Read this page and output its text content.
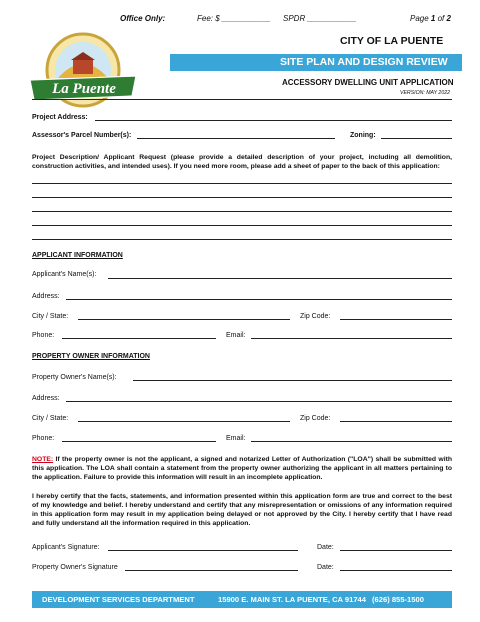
Office Only:	Fee: $ ___________ SPDR ___________	Page 1 of 2
La Puente
CITY OF LA PUENTE
SITE PLAN AND DESIGN REVIEW
ACCESSORY DWELLING UNIT APPLICATION
VERSION: MAY 2022
Project Address:
Assessor's Parcel Number(s):	Zoning:
Project Description/ Applicant Request (please provide a detailed description of your project, including all demolition, construction activities, and intended uses). If you need more room, please add a sheet of paper to the back of this application:
APPLICANT INFORMATION
Applicant's Name(s):
Address:
City / State:	Zip Code:
Phone:	Email:
PROPERTY OWNER INFORMATION
Property Owner's Name(s):
Address:
City / State:	Zip Code:
Phone:	Email:
NOTE: If the property owner is not the applicant, a signed and notarized Letter of Authorization ("LOA") shall be submitted with this application. The LOA shall contain a statement from the property owner authorizing the applicant in all matters pertaining to the application. Failure to provide this information will result in an incomplete application.
I hereby certify that the facts, statements, and information presented within this application form are true and correct to the best of my knowledge and belief. I hereby understand and certify that any misrepresentation or omissions of any information required in this application form may result in my application being delayed or not approved by the City. I hereby certify that I have read and fully understand all the information required in this application.
Applicant's Signature:	Date:
Property Owner's Signature	Date:
DEVELOPMENT SERVICES DEPARTMENT	15900 E. MAIN ST. LA PUENTE, CA 91744 (626) 855-1500
